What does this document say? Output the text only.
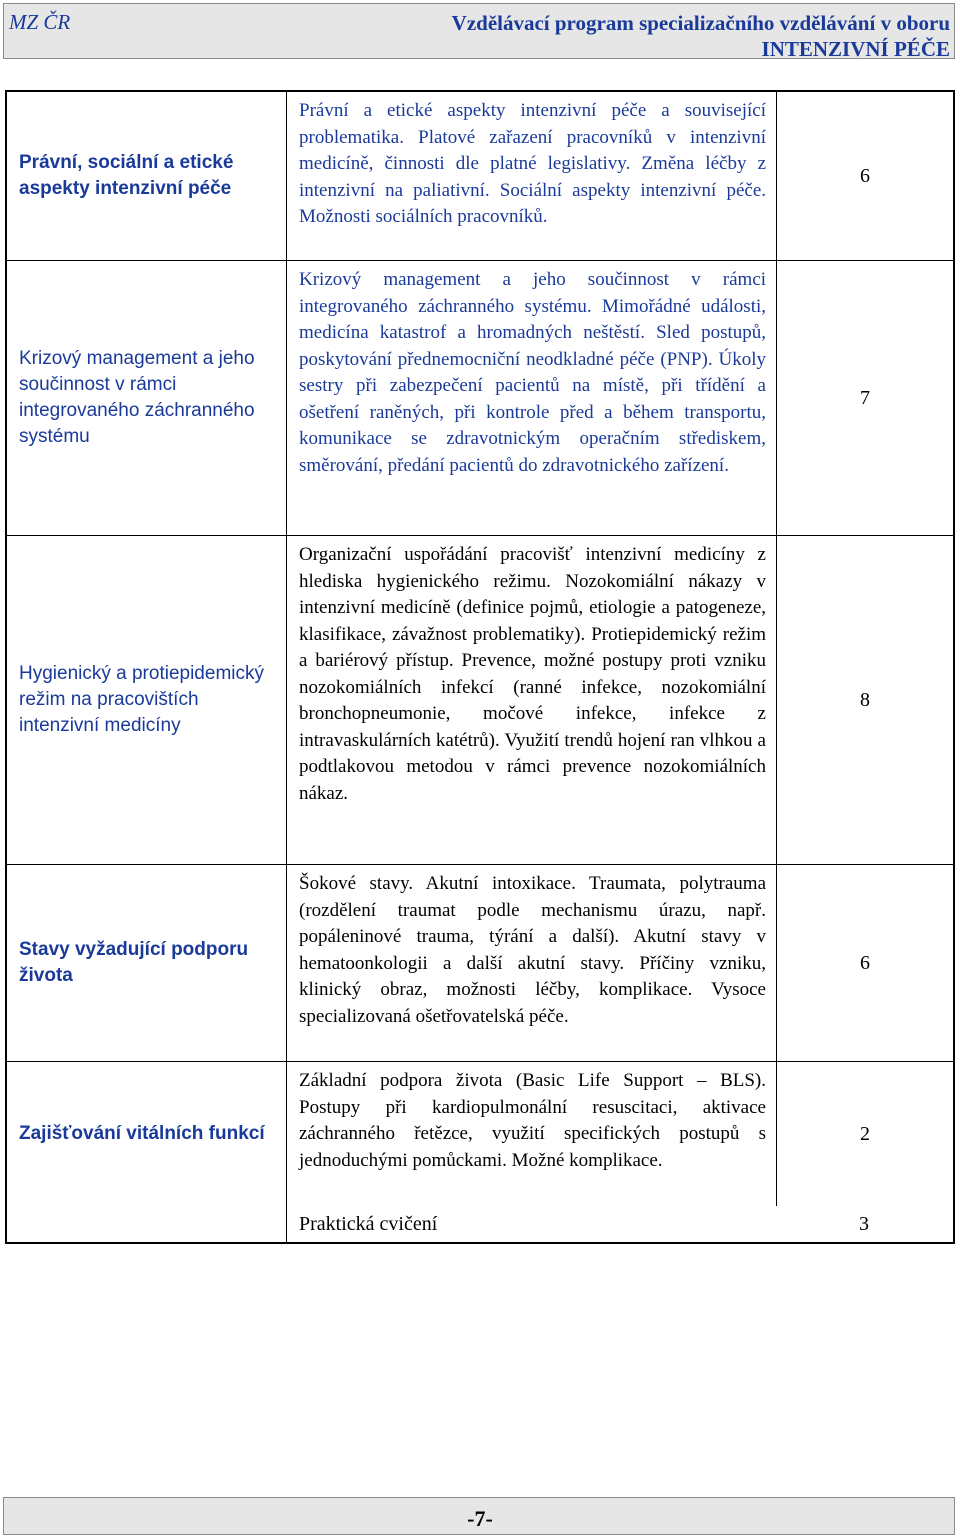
MZ ČR	Vzdělávací program specializačního vzdělávání v oboru
INTENZIVNÍ PÉČE
Právní, sociální a etické aspekty intenzivní péče
Právní a etické aspekty intenzivní péče a související problematika. Platové zařazení pracovníků v intenzivní medicíně, činnosti dle platné legislativy. Změna léčby z intenzivní na paliativní. Sociální aspekty intenzivní péče. Možnosti sociálních pracovníků.
6
Krizový management a jeho součinnost v rámci integrovaného záchranného systému
Krizový management a jeho součinnost v rámci integrovaného záchranného systému. Mimořádné události, medicína katastrof a hromadných neštěstí. Sled postupů, poskytování přednemocniční neodkladné péče (PNP). Úkoly sestry při zabezpečení pacientů na místě, při třídění a ošetření raněných, při kontrole před a během transportu, komunikace se zdravotnickým operačním střediskem, směrování, předání pacientů do zdravotnického zařízení.
7
Hygienický a protiepidemický režim na pracovištích intenzivní medicíny
Organizační uspořádání pracovišť intenzivní medicíny z hlediska hygienického režimu. Nozokomiální nákazy v intenzivní medicíně (definice pojmů, etiologie a patogeneze, klasifikace, závažnost problematiky). Protiepidemický režim a bariérový přístup. Prevence, možné postupy proti vzniku nozokomiálních infekcí (ranné infekce, nozokomiální bronchopneumonie, močové infekce, infekce z intravaskulárních katétrů). Využití trendů hojení ran vlhkou a podtlakovou metodou v rámci prevence nozokomiálních nákaz.
8
Stavy vyžadující podporu života
Šokové stavy. Akutní intoxikace. Traumata, polytrauma (rozdělení traumat podle mechanismu úrazu, např. popáleninové trauma, týrání a další). Akutní stavy v hematoonkologii a další akutní stavy. Příčiny vzniku, klinický obraz, možnosti léčby, komplikace. Vysoce specializovaná ošetřovatelská péče.
6
Zajišťování vitálních funkcí
Základní podpora života (Basic Life Support – BLS). Postupy při kardiopulmonální resuscitaci, aktivace záchranného řetězce, využití specifických postupů s jednoduchými pomůckami. Možné komplikace.
2
Praktická cvičení	3
-7-
